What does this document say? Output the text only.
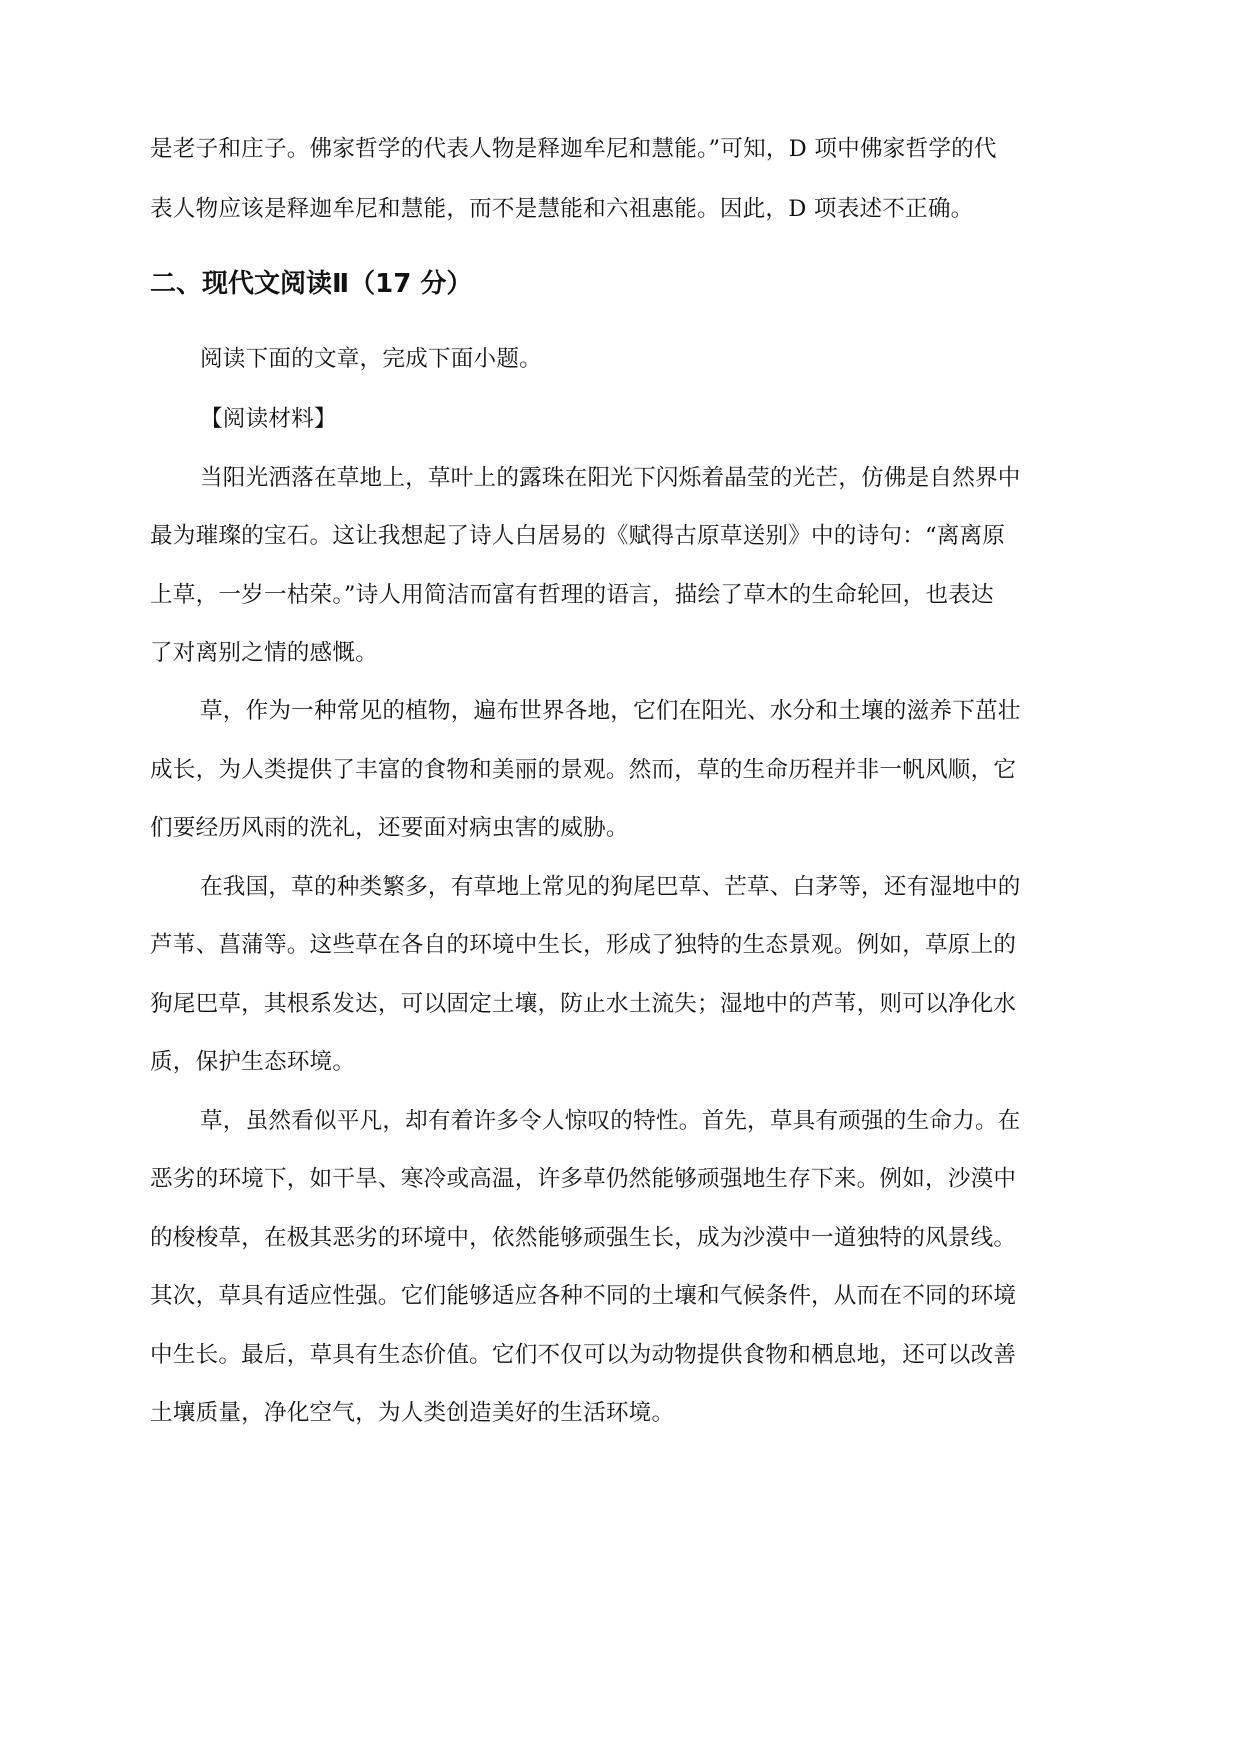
是老子和庄子。佛家哲学的代表人物是释迦牟尼和慧能。”可知，D 项中佛家哲学的代
表人物应该是释迦牟尼和慧能，而不是慧能和六祖惠能。因此，D 项表述不正确。
二、现代文阅读Ⅱ（17 分）
阅读下面的文章，完成下面小题。
【阅读材料】
当阳光洒落在草地上，草叶上的露珠在阳光下闪烁着晶莹的光芒，仿佛是自然界中
最为璀璨的宝石。这让我想起了诗人白居易的《赋得古原草送别》中的诗句：“离离原
上草，一岁一枯荣。”诗人用简洁而富有哲理的语言，描绘了草木的生命轮回，也表达
了对离别之情的感慨。
草，作为一种常见的植物，遍布世界各地，它们在阳光、水分和土壤的滋养下茁壮
成长，为人类提供了丰富的食物和美丽的景观。然而，草的生命历程并非一帆风顺，它
们要经历风雨的洗礼，还要面对病虫害的威胁。
在我国，草的种类繁多，有草地上常见的狗尾巴草、芒草、白茅等，还有湿地中的
芦苇、菖蒲等。这些草在各自的环境中生长，形成了独特的生态景观。例如，草原上的
狗尾巴草，其根系发达，可以固定土壤，防止水土流失；湿地中的芦苇，则可以净化水
质，保护生态环境。
草，虽然看似平凡，却有着许多令人惊叹的特性。首先，草具有顽强的生命力。在
恶劣的环境下，如干旱、寒冷或高温，许多草仍然能够顽强地生存下来。例如，沙漠中
的梭梭草，在极其恶劣的环境中，依然能够顽强生长，成为沙漠中一道独特的风景线。
其次，草具有适应性强。它们能够适应各种不同的土壤和气候条件，从而在不同的环境
中生长。最后，草具有生态价值。它们不仅可以为动物提供食物和栖息地，还可以改善
土壤质量，净化空气，为人类创造美好的生活环境。
